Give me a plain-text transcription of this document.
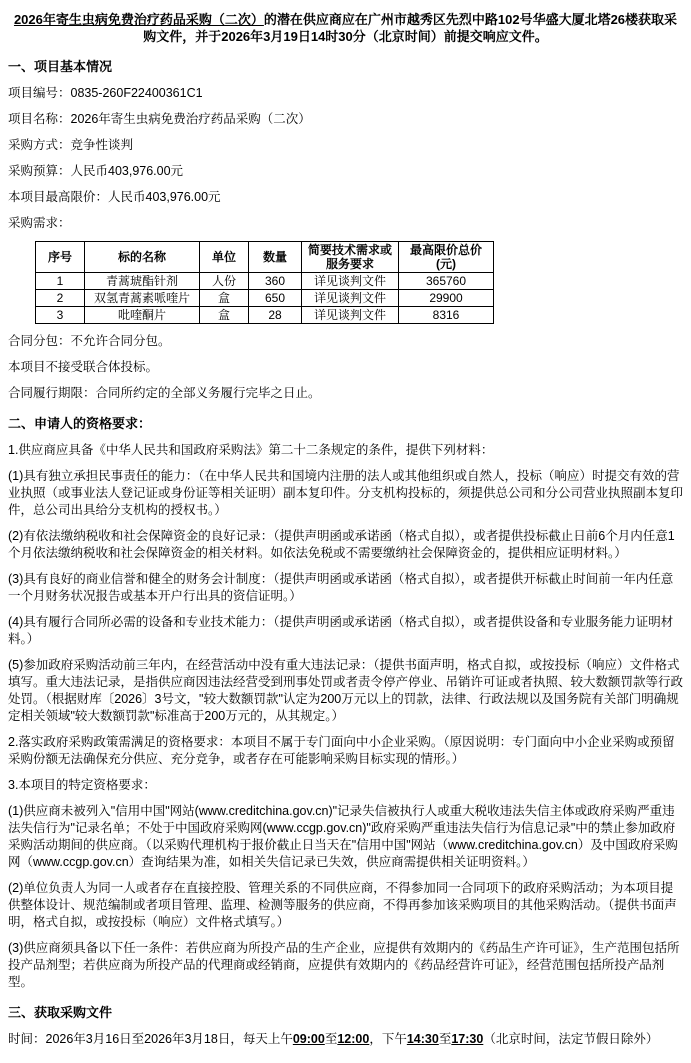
2026年寄生虫病免费治疗药品采购（二次）的潜在供应商应在广州市越秀区先烈中路102号华盛大厦北塔26楼获取采购文件，并于2026年3月19日14时30分（北京时间）前提交响应文件。
一、项目基本情况

项目编号：0835-260F22400361C1

项目名称：2026年寄生虫病免费治疗药品采购（二次）

采购方式：竞争性谈判

采购预算：人民币403,976.00元

本项目最高限价：人民币403,976.00元

采购需求：

序号	标的名称	单位	数量	简要技术需求或服务要求	最高限价总价(元)
1	青蒿琥酯针剂	人份	360	详见谈判文件	365760
2	双氢青蒿素哌喹片	盒	650	详见谈判文件	29900
3	吡喹酮片	盒	28	详见谈判文件	8316

合同分包：不允许合同分包。

本项目不接受联合体投标。

合同履行期限：合同所约定的全部义务履行完毕之日止。

二、申请人的资格要求：

1.供应商应具备《中华人民共和国政府采购法》第二十二条规定的条件，提供下列材料：

(1)具有独立承担民事责任的能力：（在中华人民共和国境内注册的法人或其他组织或自然人，投标（响应）时提交有效的营业执照（或事业法人登记证或身份证等相关证明）副本复印件。分支机构投标的，须提供总公司和分公司营业执照副本复印件，总公司出具给分支机构的授权书。）

(2)有依法缴纳税收和社会保障资金的良好记录：（提供声明函或承诺函（格式自拟），或者提供投标截止日前6个月内任意1个月依法缴纳税收和社会保障资金的相关材料。如依法免税或不需要缴纳社会保障资金的，提供相应证明材料。）

(3)具有良好的商业信誉和健全的财务会计制度：（提供声明函或承诺函（格式自拟），或者提供开标截止时间前一年内任意一个月财务状况报告或基本开户行出具的资信证明。）

(4)具有履行合同所必需的设备和专业技术能力：（提供声明函或承诺函（格式自拟），或者提供设备和专业服务能力证明材料。）

(5)参加政府采购活动前三年内，在经营活动中没有重大违法记录：（提供书面声明，格式自拟，或按投标（响应）文件格式填写。重大违法记录，是指供应商因违法经营受到刑事处罚或者责令停产停业、吊销许可证或者执照、较大数额罚款等行政处罚。（根据财库〔2026〕3号文，"较大数额罚款"认定为200万元以上的罚款，法律、行政法规以及国务院有关部门明确规定相关领域"较大数额罚款"标准高于200万元的，从其规定。）

2.落实政府采购政策需满足的资格要求：本项目不属于专门面向中小企业采购。（原因说明：专门面向中小企业采购或预留采购份额无法确保充分供应、充分竞争，或者存在可能影响采购目标实现的情形。）

3.本项目的特定资格要求：

(1)供应商未被列入"信用中国"网站(www.creditchina.gov.cn)"记录失信被执行人或重大税收违法失信主体或政府采购严重违法失信行为"记录名单；不处于中国政府采购网(www.ccgp.gov.cn)"政府采购严重违法失信行为信息记录"中的禁止参加政府采购活动期间的供应商。（以采购代理机构于报价截止日当天在"信用中国"网站（www.creditchina.gov.cn）及中国政府采购网（www.ccgp.gov.cn）查询结果为准，如相关失信记录已失效，供应商需提供相关证明资料。）

(2)单位负责人为同一人或者存在直接控股、管理关系的不同供应商，不得参加同一合同项下的政府采购活动；为本项目提供整体设计、规范编制或者项目管理、监理、检测等服务的供应商，不得再参加该采购项目的其他采购活动。（提供书面声明，格式自拟，或按投标（响应）文件格式填写。）

(3)供应商须具备以下任一条件：若供应商为所投产品的生产企业，应提供有效期内的《药品生产许可证》，生产范围包括所投产品剂型；若供应商为所投产品的代理商或经销商，应提供有效期内的《药品经营许可证》，经营范围包括所投产品剂型。

三、获取采购文件

时间：2026年3月16日至2026年3月18日，每天上午09:00至12:00，下午14:30至17:30（北京时间，法定节假日除外）
